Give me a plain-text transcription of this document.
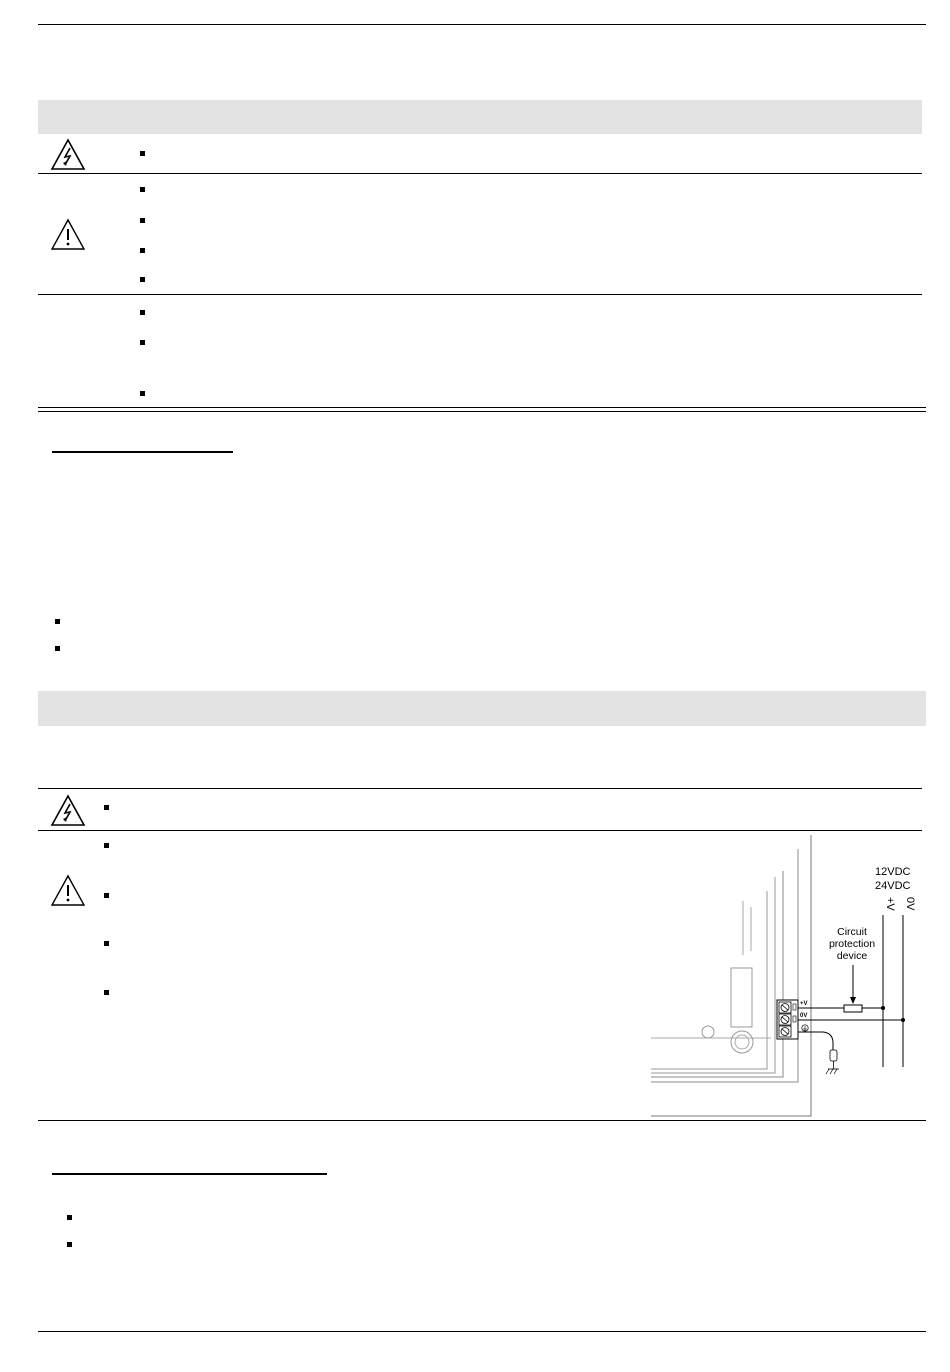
+V
0V
12VDC
24VDC
+V 0V
Circuit
protection
device
